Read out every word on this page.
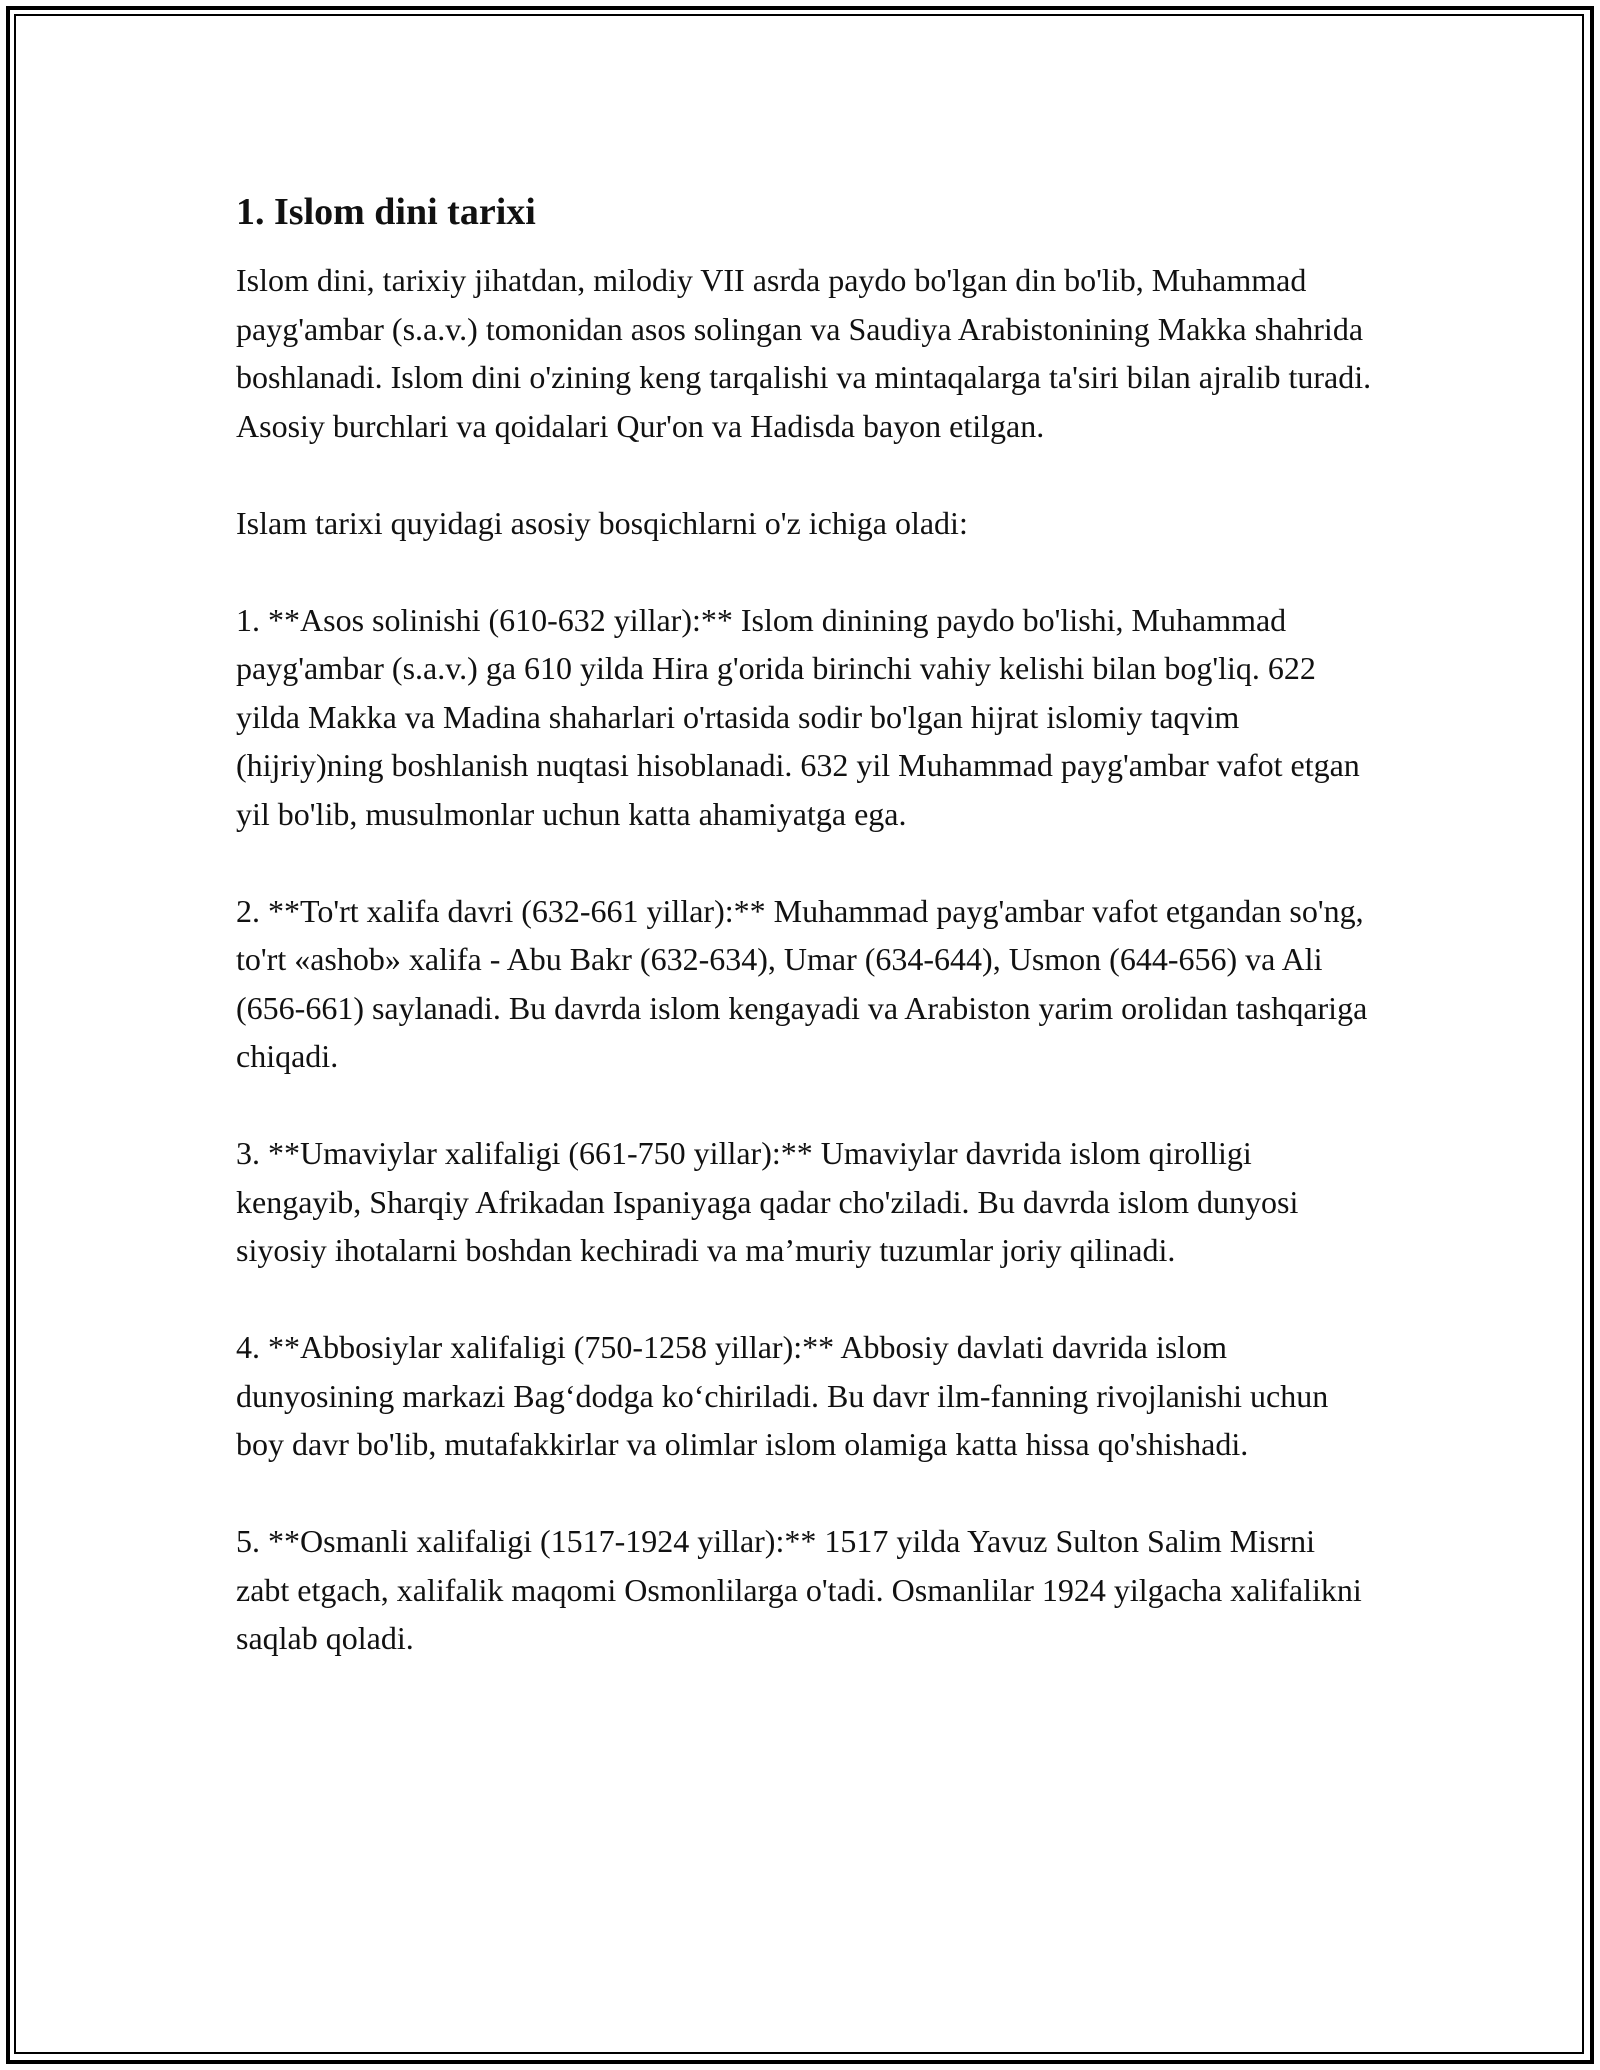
1. Islom dini tarixi

Islom dini, tarixiy jihatdan, milodiy VII asrda paydo bo'lgan din bo'lib, Muhammad payg'ambar (s.a.v.) tomonidan asos solingan va Saudiya Arabistonining Makka shahrida boshlanadi. Islom dini o'zining keng tarqalishi va mintaqalarga ta'siri bilan ajralib turadi. Asosiy burchlari va qoidalari Qur'on va Hadisda bayon etilgan.

Islam tarixi quyidagi asosiy bosqichlarni o'z ichiga oladi:

1. **Asos solinishi (610-632 yillar):** Islom dinining paydo bo'lishi, Muhammad payg'ambar (s.a.v.) ga 610 yilda Hira g'orida birinchi vahiy kelishi bilan bog'liq. 622 yilda Makka va Madina shaharlari o'rtasida sodir bo'lgan hijrat islomiy taqvim (hijriy)ning boshlanish nuqtasi hisoblanadi. 632 yil Muhammad payg'ambar vafot etgan yil bo'lib, musulmonlar uchun katta ahamiyatga ega.

2. **To'rt xalifa davri (632-661 yillar):** Muhammad payg'ambar vafot etgandan so'ng, to'rt «ashob» xalifa - Abu Bakr (632-634), Umar (634-644), Usmon (644-656) va Ali (656-661) saylanadi. Bu davrda islom kengayadi va Arabiston yarim orolidan tashqariga chiqadi.

3. **Umaviylar xalifaligi (661-750 yillar):** Umaviylar davrida islom qirolligi kengayib, Sharqiy Afrikadan Ispaniyaga qadar cho'ziladi. Bu davrda islom dunyosi siyosiy ihotalarni boshdan kechiradi va ma’muriy tuzumlar joriy qilinadi.

4. **Abbosiylar xalifaligi (750-1258 yillar):** Abbosiy davlati davrida islom dunyosining markazi Bag‘dodga ko‘chiriladi. Bu davr ilm-fanning rivojlanishi uchun boy davr bo'lib, mutafakkirlar va olimlar islom olamiga katta hissa qo'shishadi.

5. **Osmanli xalifaligi (1517-1924 yillar):** 1517 yilda Yavuz Sulton Salim Misrni zabt etgach, xalifalik maqomi Osmonlilarga o'tadi. Osmanlilar 1924 yilgacha xalifalikni saqlab qoladi.
